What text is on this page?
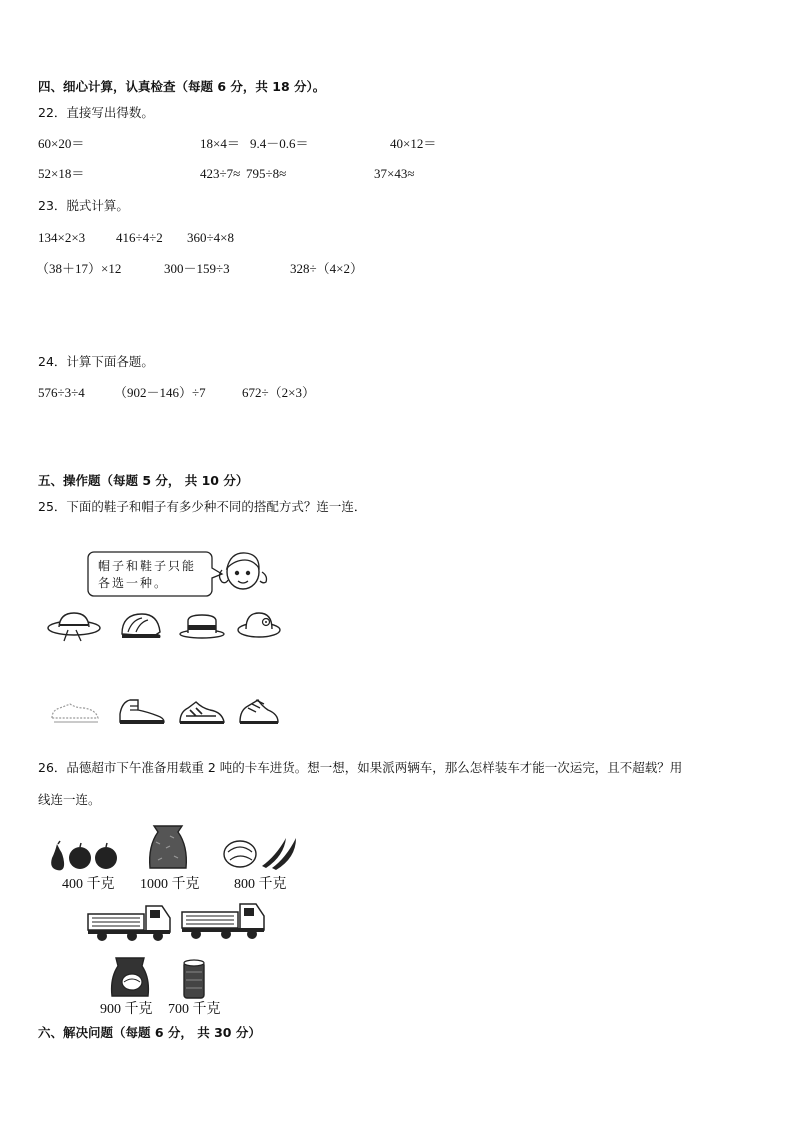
四、细心计算，认真检查（每题 6 分，共 18 分）。
22．直接写出得数。
60×20＝	18×4＝ 9.4－0.6＝	40×12＝
52×18＝	423÷7≈ 795÷8≈	37×43≈
23．脱式计算。
134×2×3 416÷4÷2 360÷4×8
（38＋17）×12	300－159÷3	328÷（4×2）
24．计算下面各题。
576÷3÷4 （902－146）÷7	672÷（2×3）
五、操作题（每题 5 分， 共 10 分）
25．下面的鞋子和帽子有多少种不同的搭配方式？连一连．
帽子和鞋子只能
各选一种。
26．品德超市下午准备用载重 2 吨的卡车进货。想一想，如果派两辆车，那么怎样装车才能一次运完，且不超载？用
线连一连。
400 千克 1000 千克 800 千克
900 千克 700 千克
六、解决问题（每题 6 分， 共 30 分）
